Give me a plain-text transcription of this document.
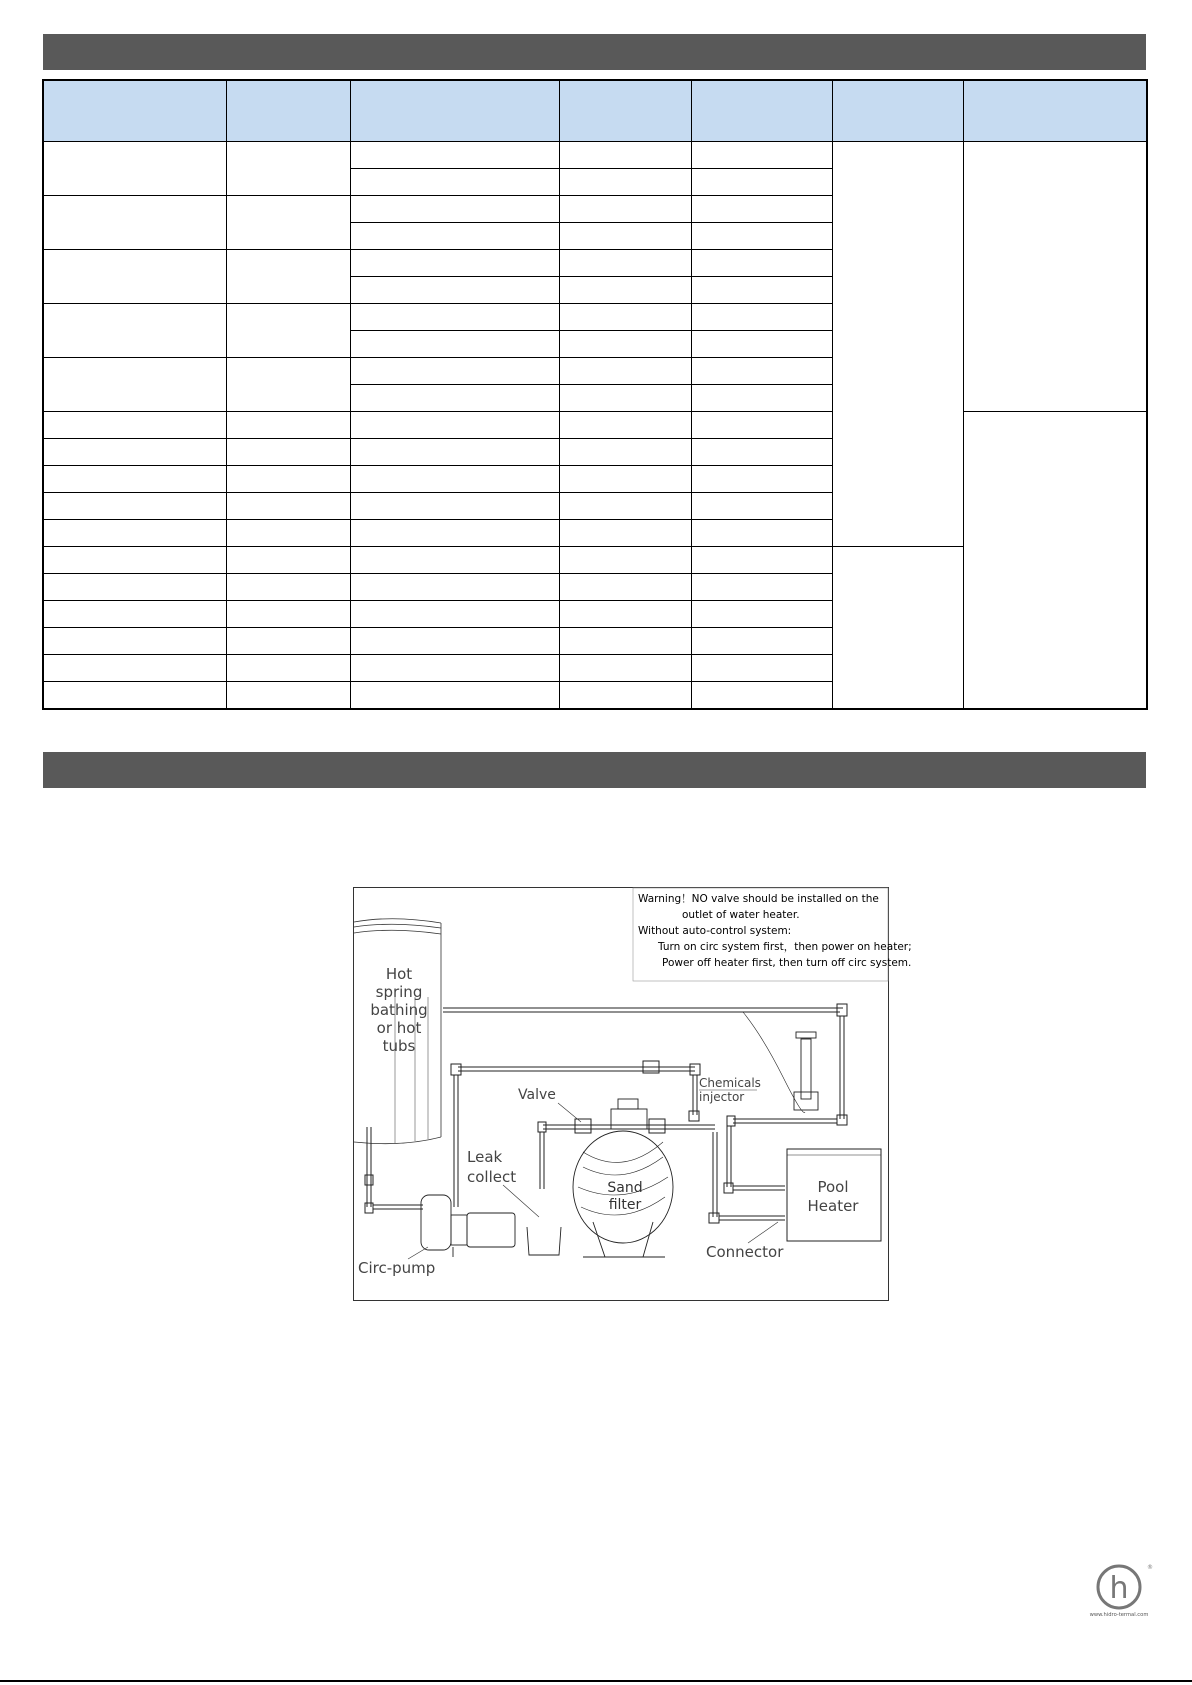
Warning！NO valve should be installed on the
outlet of water heater.
Without auto-control system:
Turn on circ system first，then power on heater;
Power off heater first, then turn off circ system.
Hot
spring
bathing
or hot
tubs
Chemicals
injector
Sand
filter
Valve
Leak
collect
Circ-pump
Pool
Heater
Connector
h
®
www.hidro-termal.com
